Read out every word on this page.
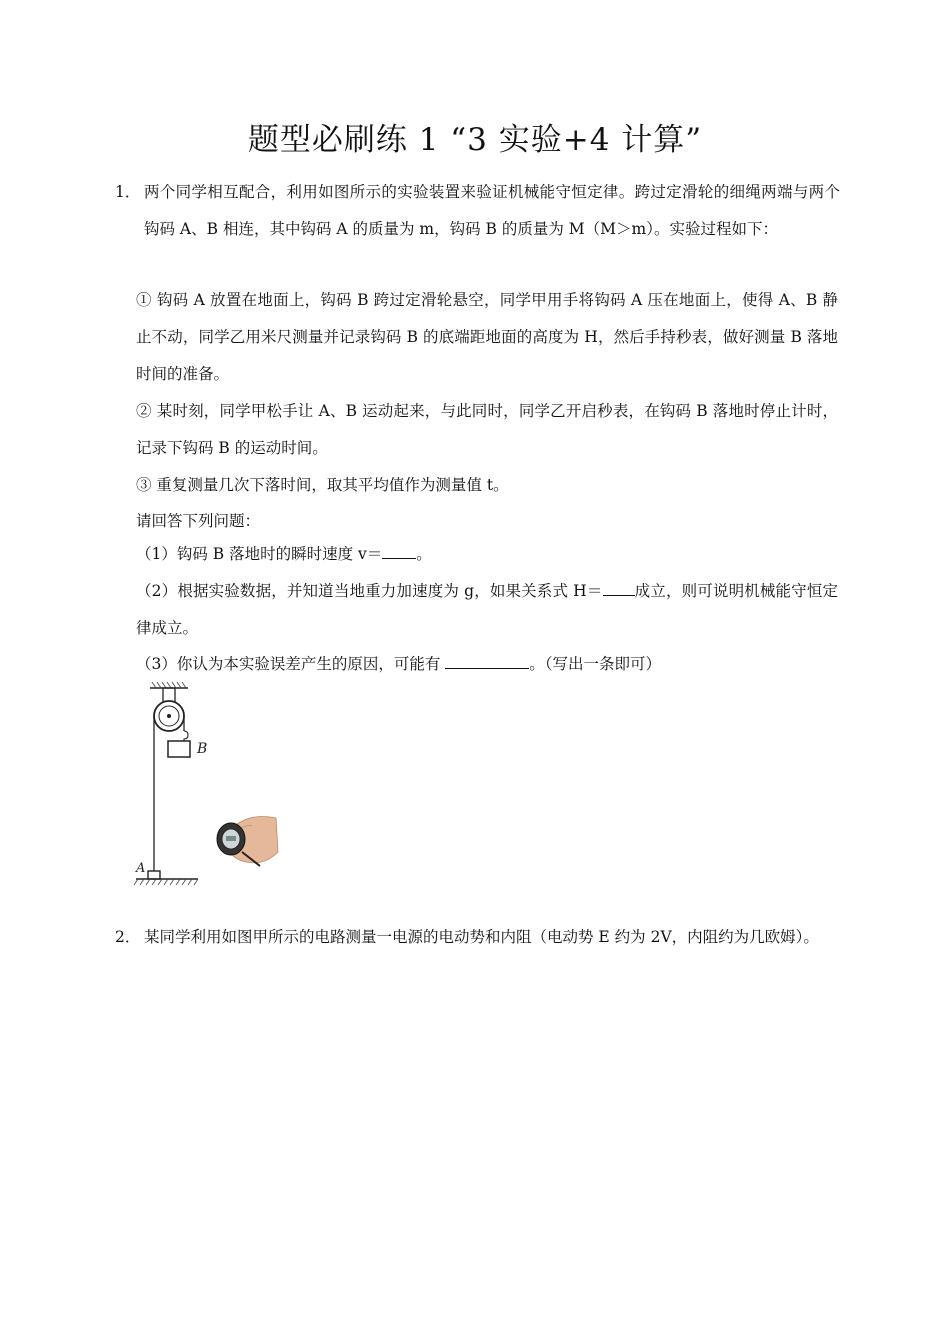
题型必刷练 1 “3 实验+4 计算”
1． 两个同学相互配合，利用如图所示的实验装置来验证机械能守恒定律。跨过定滑轮的细绳两端与两个钩码 A、B 相连，其中钩码 A 的质量为 m，钩码 B 的质量为 M（M＞m）。实验过程如下：
① 钩码 A 放置在地面上，钩码 B 跨过定滑轮悬空，同学甲用手将钩码 A 压在地面上，使得 A、B 静止不动，同学乙用米尺测量并记录钩码 B 的底端距地面的高度为 H，然后手持秒表，做好测量 B 落地时间的准备。
② 某时刻，同学甲松手让 A、B 运动起来，与此同时，同学乙开启秒表，在钩码 B 落地时停止计时，记录下钩码 B 的运动时间。
③ 重复测量几次下落时间，取其平均值作为测量值 t。
请回答下列问题：
（1）钩码 B 落地时的瞬时速度 v＝ 。
（2）根据实验数据，并知道当地重力加速度为 g，如果关系式 H＝ 成立，则可说明机械能守恒定律成立。
（3）你认为本实验误差产生的原因，可能有	。（写出一条即可）
B
A
2． 某同学利用如图甲所示的电路测量一电源的电动势和内阻（电动势 E 约为 2V，内阻约为几欧姆）。
